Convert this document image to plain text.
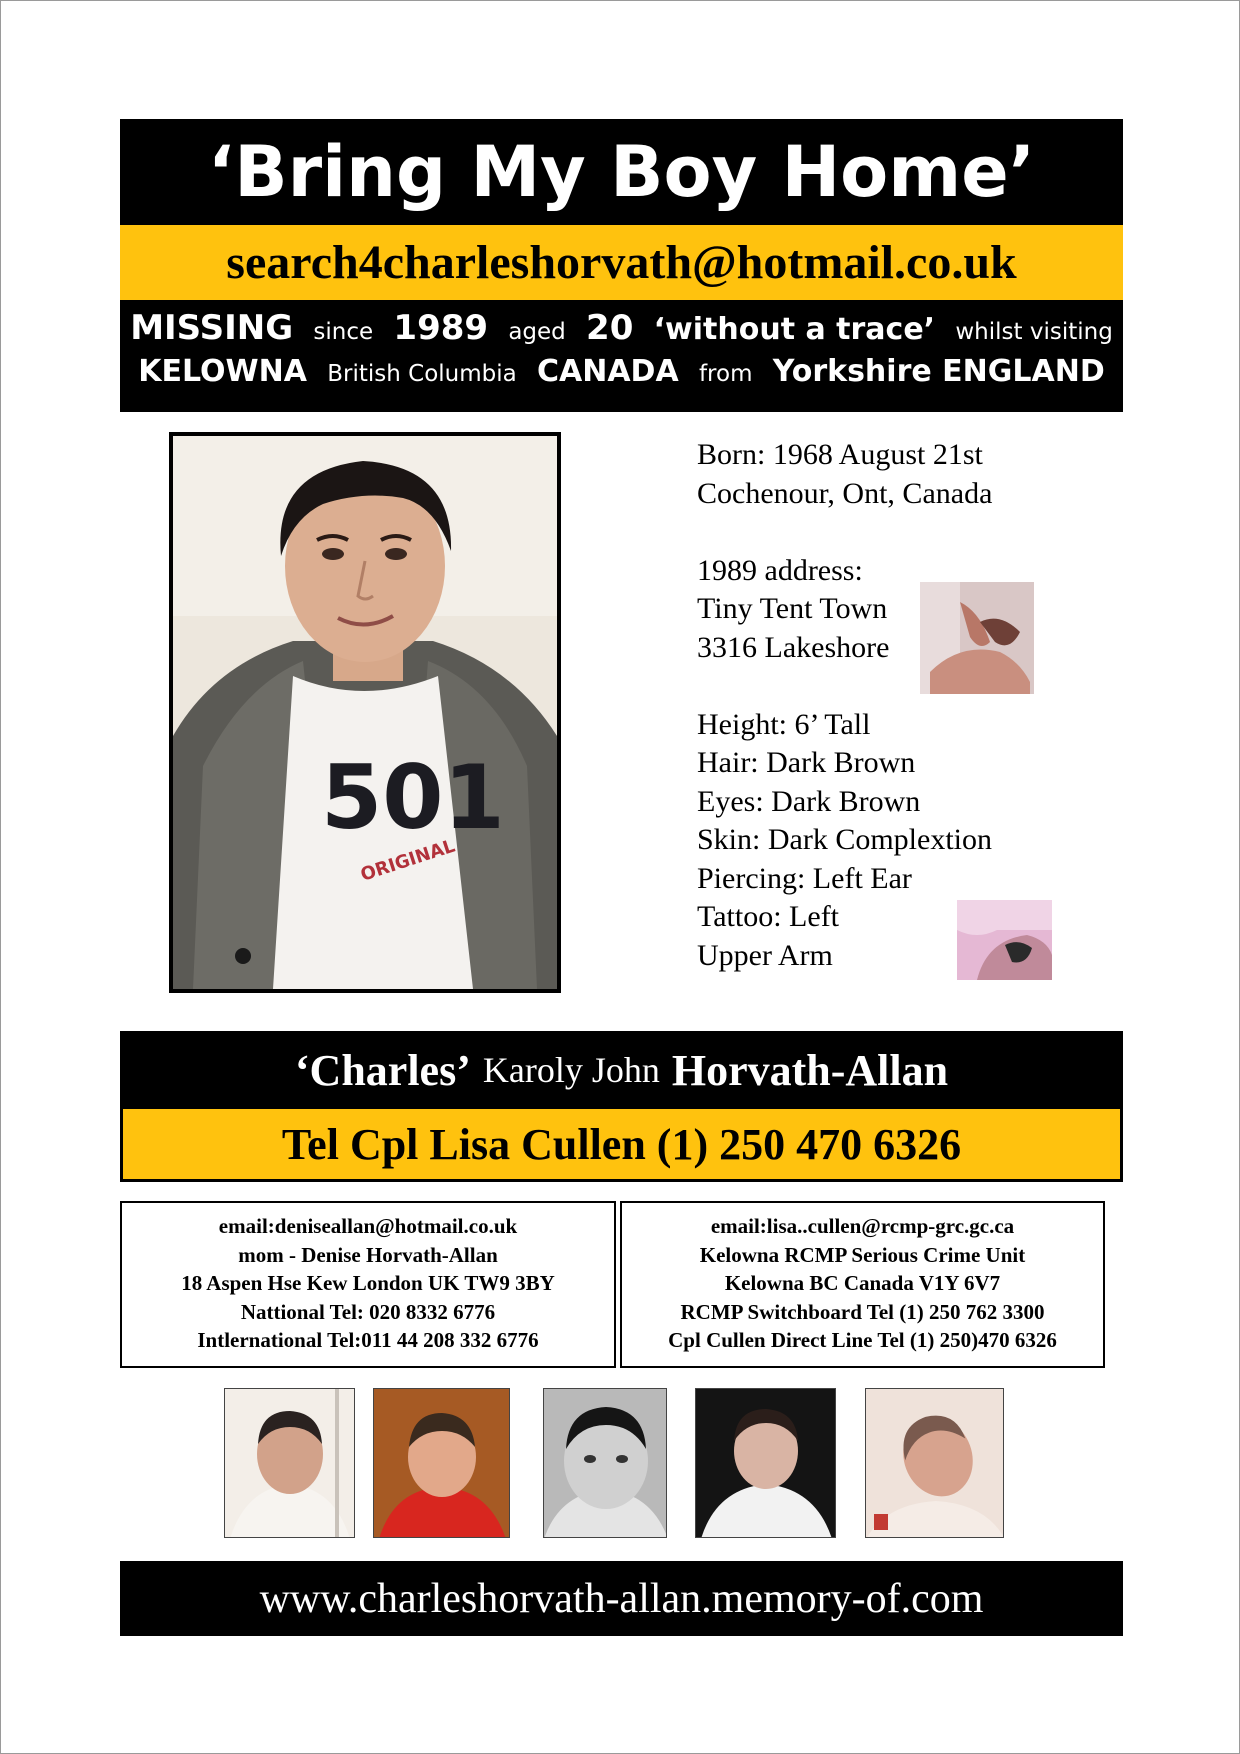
‘Bring My Boy Home’
search4charleshorvath@hotmail.co.uk
MISSING since 1989 aged 20 ‘without a trace’ whilst visiting
KELOWNA British Columbia CANADA from Yorkshire ENGLAND
501
ORIGINAL
Born: 1968 August 21st
Cochenour, Ont, Canada
1989 address:
Tiny Tent Town
3316 Lakeshore
Height: 6’ Tall
Hair: Dark Brown
Eyes: Dark Brown
Skin: Dark Complextion
Piercing: Left Ear
Tattoo: Left
Upper Arm
‘Charles’ Karoly John Horvath-Allan
Tel Cpl Lisa Cullen (1) 250 470 6326
email:deniseallan@hotmail.co.uk
mom - Denise Horvath-Allan
18 Aspen Hse Kew London UK TW9 3BY
Nattional Tel: 020 8332 6776
Intlernational Tel:011 44 208 332 6776
email:lisa..cullen@rcmp-grc.gc.ca
Kelowna RCMP Serious Crime Unit
Kelowna BC Canada V1Y 6V7
RCMP Switchboard Tel (1) 250 762 3300
Cpl Cullen Direct Line Tel (1) 250)470 6326
www.charleshorvath-allan.memory-of.com
